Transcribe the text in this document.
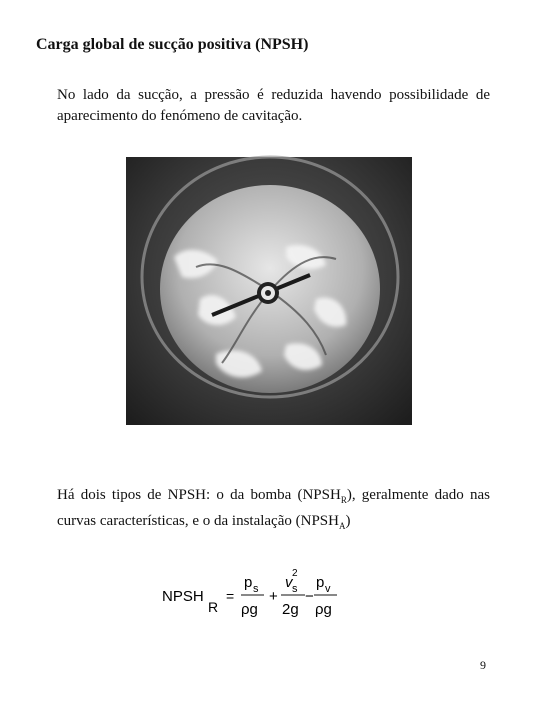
Carga global de sucção positiva (NPSH)

No lado da sucção, a pressão é reduzida havendo possibilidade de aparecimento do fenómeno de cavitação.

Há dois tipos de NPSH: o da bomba $(NPSH_R)$, geralmente dado nas curvas características, e o da instalação $(NPSH_A)$

NPSH
R
=
p s
ρg
+
v
2
s
2g
−
p v
ρg
9
